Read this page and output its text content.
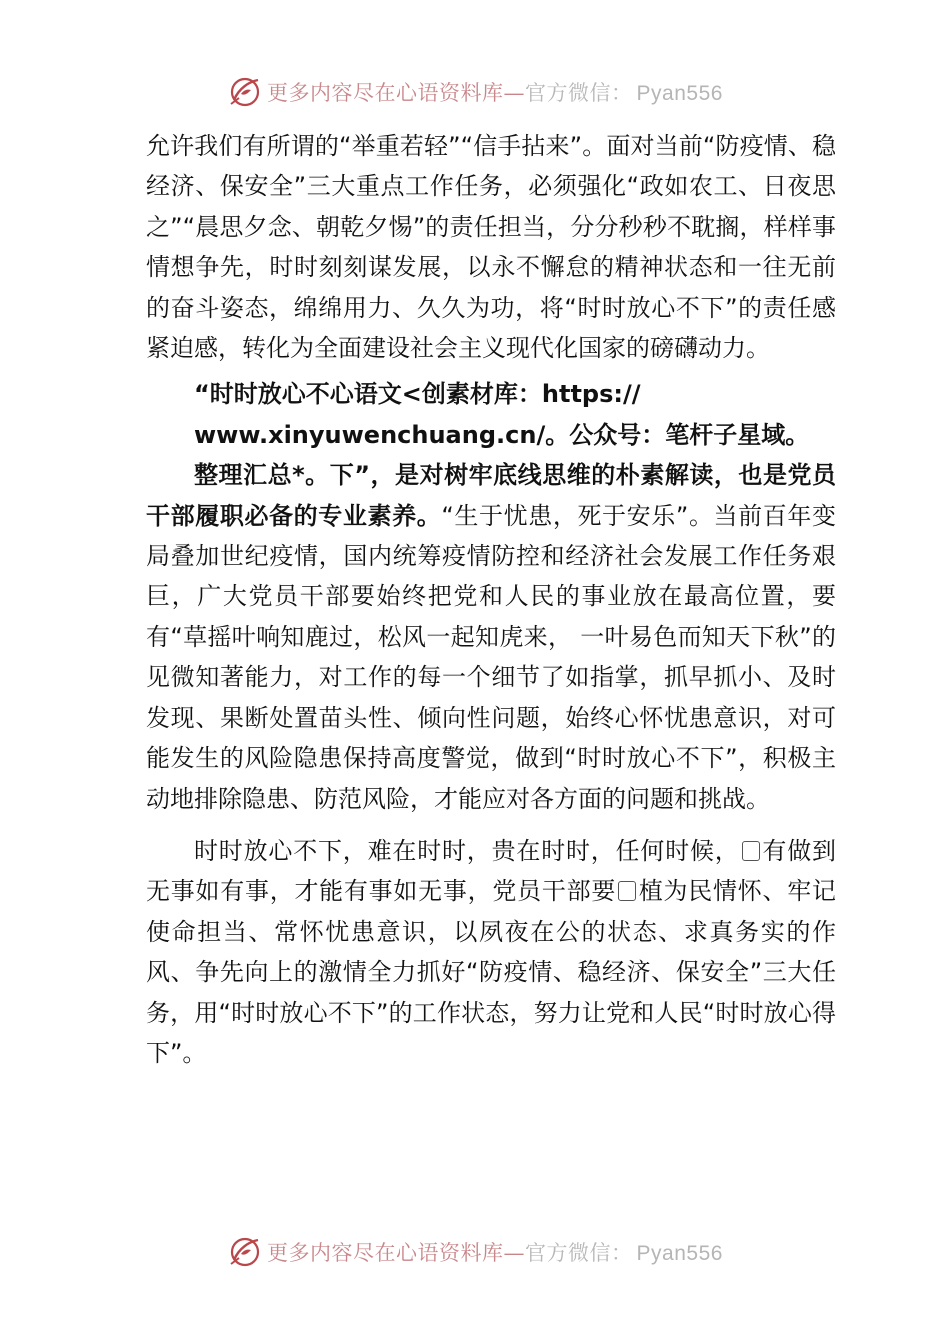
更多内容尽在心语资料库—官方微信： Pyan556

允许我们有所谓的“举重若轻”“信手拈来”。面对当前“防疫情、稳经济、保安全”三大重点工作任务，必须强化“政如农工、日夜思之”“晨思夕念、朝乾夕惕”的责任担当，分分秒秒不耽搁，样样事情想争先，时时刻刻谋发展，以永不懈怠的精神状态和一往无前的奋斗姿态，绵绵用力、久久为功，将“时时放心不下”的责任感紧迫感，转化为全面建设社会主义现代化国家的磅礴动力。

“时时放心不心语文<创素材库：https://

www.xinyuwenchuang.cn/。公众号：笔杆子星域。

整理汇总*。下”，是对树牢底线思维的朴素解读，也是党员干部履职必备的专业素养。“生于忧患，死于安乐”。当前百年变局叠加世纪疫情，国内统筹疫情防控和经济社会发展工作任务艰巨，广大党员干部要始终把党和人民的事业放在最高位置，要有“草摇叶响知鹿过，松风一起知虎来， 一叶易色而知天下秋”的见微知著能力，对工作的每一个细节了如指掌，抓早抓小、及时发现、果断处置苗头性、倾向性问题，始终心怀忧患意识，对可能发生的风险隐患保持高度警觉，做到“时时放心不下”，积极主动地排除隐患、防范风险，才能应对各方面的问题和挑战。

时时放心不下，难在时时，贵在时时，任何时候， 有做到无事如有事，才能有事如无事，党员干部要 植为民情怀、牢记使命担当、常怀忧患意识，以夙夜在公的状态、求真务实的作风、争先向上的激情全力抓好“防疫情、稳经济、保安全”三大任务，用“时时放心不下”的工作状态，努力让党和人民“时时放心得下”。

更多内容尽在心语资料库—官方微信： Pyan556
